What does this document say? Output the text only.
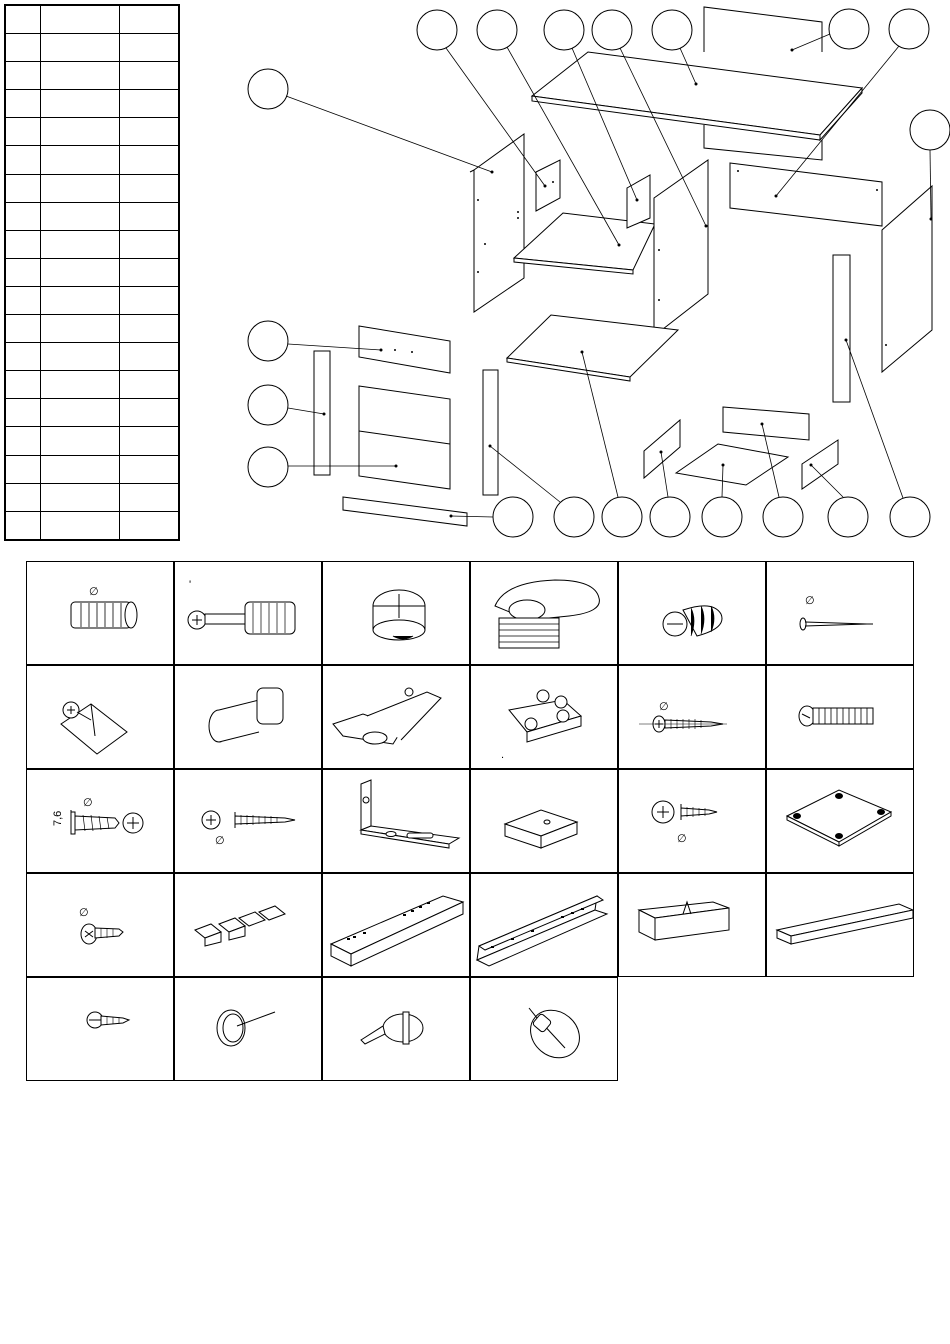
∅
'
∅
.
∅
∅
7,6
∅	∅
∅
